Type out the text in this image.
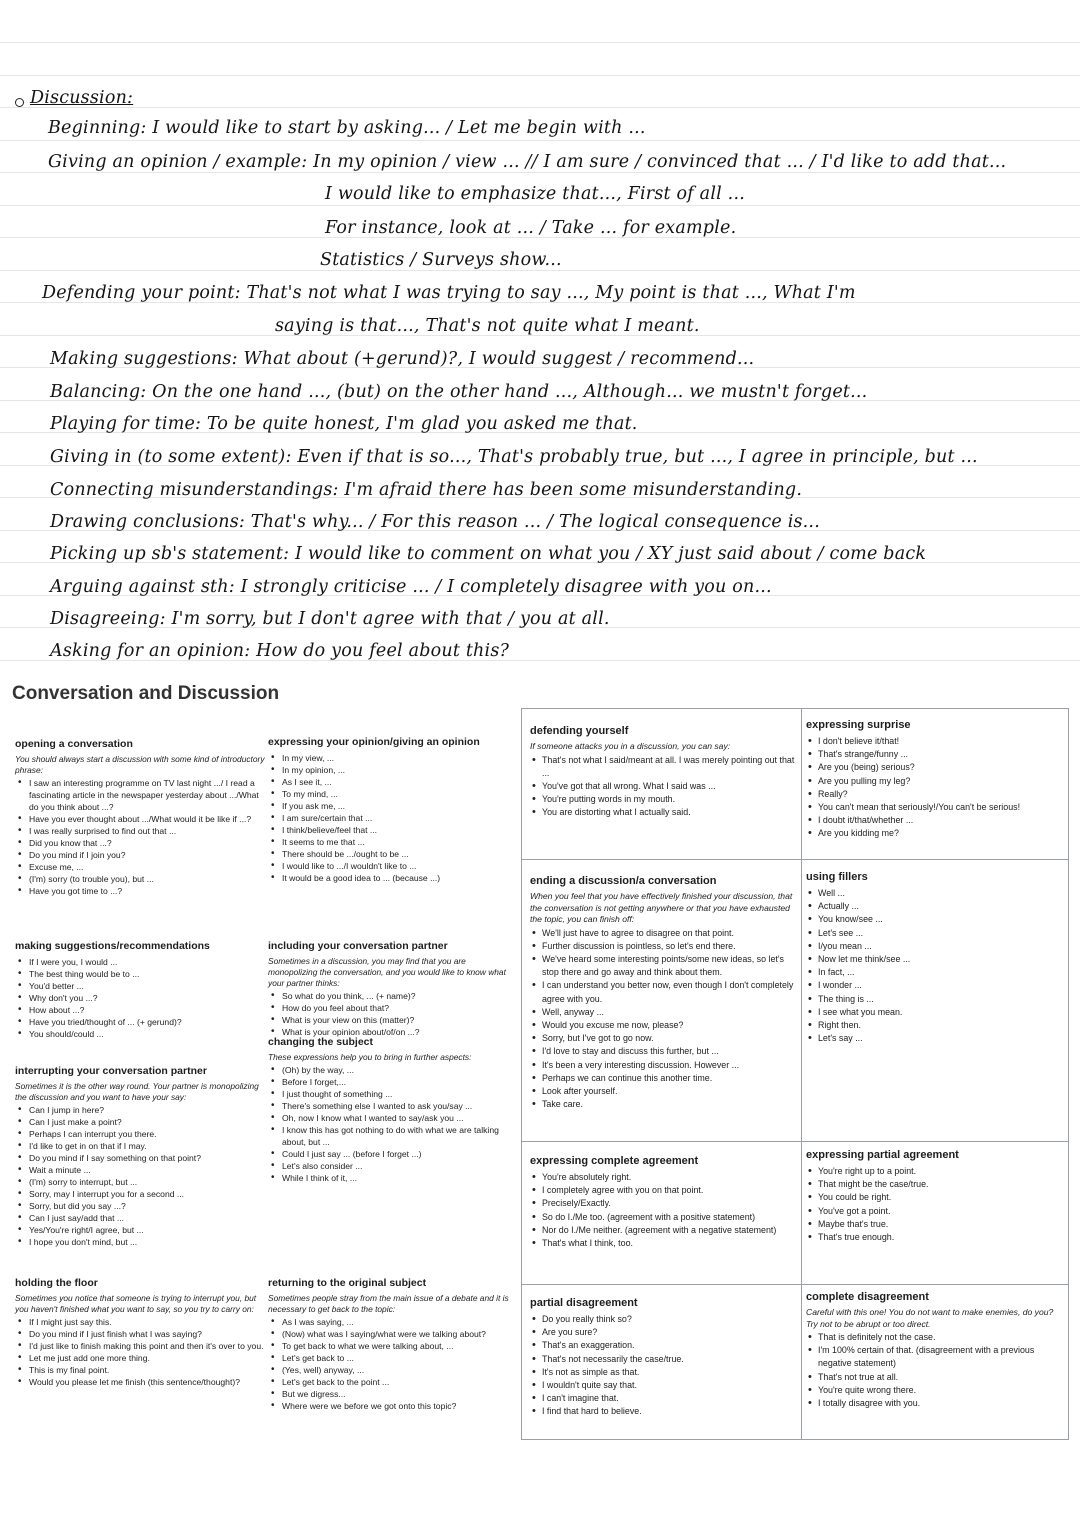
Discussion:
Beginning: I would like to start by asking... / Let me begin with ...
Giving an opinion / example: In my opinion / view ... // I am sure / convinced that ... / I'd like to add that...
I would like to emphasize that..., First of all ...
For instance, look at ... / Take ... for example.
Statistics / Surveys show...
Defending your point: That's not what I was trying to say ..., My point is that ..., What I'm
saying is that..., That's not quite what I meant.
Making suggestions: What about (+gerund)?, I would suggest / recommend...
Balancing: On the one hand ..., (but) on the other hand ..., Although... we mustn't forget...
Playing for time: To be quite honest, I'm glad you asked me that.
Giving in (to some extent): Even if that is so..., That's probably true, but ..., I agree in principle, but ...
Connecting misunderstandings: I'm afraid there has been some misunderstanding.
Drawing conclusions: That's why... / For this reason ... / The logical consequence is...
Picking up sb's statement: I would like to comment on what you / XY just said about / come back
Arguing against sth: I strongly criticise ... / I completely disagree with you on...
Disagreeing: I'm sorry, but I don't agree with that / you at all.
Asking for an opinion: How do you feel about this?
Conversation and Discussion
opening a conversation

You should always start a discussion with some kind of introductory phrase:

• I saw an interesting programme on TV last night .../ I read a fascinating article in the newspaper yesterday about .../What do you think about ...?
• Have you ever thought about .../What would it be like if ...?
• I was really surprised to find out that ...
• Did you know that ...?
• Do you mind if I join you?
• Excuse me, ...
• (I'm) sorry (to trouble you), but ...
• Have you got time to ...?
making suggestions/recommendations
• If I were you, I would ...
• The best thing would be to ...
• You'd better ...
• Why don't you ...?
• How about ...?
• Have you tried/thought of ... (+ gerund)?
• You should/could ...
interrupting your conversation partner

Sometimes it is the other way round. Your partner is monopolizing the discussion and you want to have your say:

• Can I jump in here?
• Can I just make a point?
• Perhaps I can interrupt you there.
• I'd like to get in on that if I may.
• Do you mind if I say something on that point?
• Wait a minute ...
• (I'm) sorry to interrupt, but ...
• Sorry, may I interrupt you for a second ...
• Sorry, but did you say ...?
• Can I just say/add that ...
• Yes/You're right/I agree, but ...
• I hope you don't mind, but ...
holding the floor

Sometimes you notice that someone is trying to interrupt you, but you haven't finished what you want to say, so you try to carry on:

• If I might just say this.
• Do you mind if I just finish what I was saying?
• I'd just like to finish making this point and then it's over to you.
• Let me just add one more thing.
• This is my final point.
• Would you please let me finish (this sentence/thought)?
expressing your opinion/giving an opinion
• In my view, ...
• In my opinion, ...
• As I see it, ...
• To my mind, ...
• If you ask me, ...
• I am sure/certain that ...
• I think/believe/feel that ...
• It seems to me that ...
• There should be .../ought to be ...
• I would like to .../I wouldn't like to ...
• It would be a good idea to ... (because ...)
including your conversation partner

Sometimes in a discussion, you may find that you are monopolizing the conversation, and you would like to know what your partner thinks:

• So what do you think, ... (+ name)?
• How do you feel about that?
• What is your view on this (matter)?
• What is your opinion about/of/on ...?
changing the subject

These expressions help you to bring in further aspects:

• (Oh) by the way, ...
• Before I forget,...
• I just thought of something ...
• There's something else I wanted to ask you/say ...
• Oh, now I know what I wanted to say/ask you ...
• I know this has got nothing to do with what we are talking about, but ...
• Could I just say ... (before I forget ...)
• Let's also consider ...
• While I think of it, ...
returning to the original subject

Sometimes people stray from the main issue of a debate and it is necessary to get back to the topic:

• As I was saying, ...
• (Now) what was I saying/what were we talking about?
• To get back to what we were talking about, ...
• Let's get back to ...
• (Yes, well) anyway, ...
• Let's get back to the point ...
• But we digress...
• Where were we before we got onto this topic?
defending yourself

If someone attacks you in a discussion, you can say:

• That's not what I said/meant at all. I was merely pointing out that ...
• You've got that all wrong. What I said was ...
• You're putting words in my mouth.
• You are distorting what I actually said.
expressing surprise
• I don't believe it/that!
• That's strange/funny ...
• Are you (being) serious?
• Are you pulling my leg?
• Really?
• You can't mean that seriously!/You can't be serious!
• I doubt it/that/whether ...
• Are you kidding me?
ending a discussion/a conversation

When you feel that you have effectively finished your discussion, that the conversation is not getting anywhere or that you have exhausted the topic, you can finish off:

• We'll just have to agree to disagree on that point.
• Further discussion is pointless, so let's end there.
• We've heard some interesting points/some new ideas, so let's stop there and go away and think about them.
• I can understand you better now, even though I don't completely agree with you.
• Well, anyway ...
• Would you excuse me now, please?
• Sorry, but I've got to go now.
• I'd love to stay and discuss this further, but ...
• It's been a very interesting discussion. However ...
• Perhaps we can continue this another time.
• Look after yourself.
• Take care.
using fillers
• Well ...
• Actually ...
• You know/see ...
• Let's see ...
• I/you mean ...
• Now let me think/see ...
• In fact, ...
• I wonder ...
• The thing is ...
• I see what you mean.
• Right then.
• Let's say ...
expressing complete agreement
• You're absolutely right.
• I completely agree with you on that point.
• Precisely/Exactly.
• So do I./Me too. (agreement with a positive statement)
• Nor do I./Me neither. (agreement with a negative statement)
• That's what I think, too.
expressing partial agreement
• You're right up to a point.
• That might be the case/true.
• You could be right.
• You've got a point.
• Maybe that's true.
• That's true enough.
partial disagreement
• Do you really think so?
• Are you sure?
• That's an exaggeration.
• That's not necessarily the case/true.
• It's not as simple as that.
• I wouldn't quite say that.
• I can't imagine that.
• I find that hard to believe.
complete disagreement

Careful with this one! You do not want to make enemies, do you? Try not to be abrupt or too direct.

• That is definitely not the case.
• I'm 100% certain of that. (disagreement with a previous negative statement)
• That's not true at all.
• You're quite wrong there.
• I totally disagree with you.
